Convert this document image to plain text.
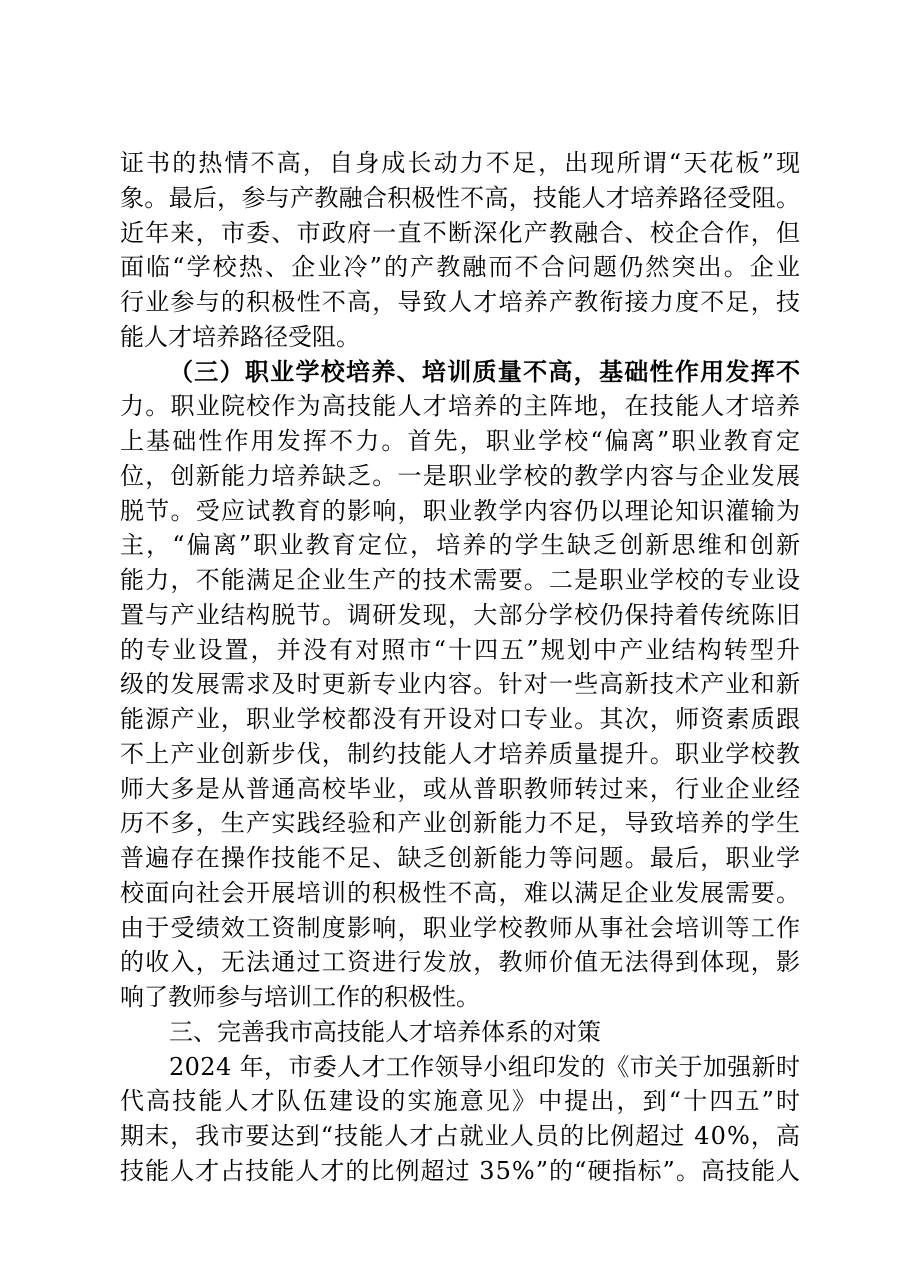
证书的热情不高，自身成长动力不足，出现所谓“天花板”现
象。最后，参与产教融合积极性不高，技能人才培养路径受阻。
近年来，市委、市政府一直不断深化产教融合、校企合作，但
面临“学校热、企业冷”的产教融而不合问题仍然突出。企业
行业参与的积极性不高，导致人才培养产教衔接力度不足，技
能人才培养路径受阻。
（三）职业学校培养、培训质量不高，基础性作用发挥不
力。职业院校作为高技能人才培养的主阵地，在技能人才培养
上基础性作用发挥不力。首先，职业学校“偏离”职业教育定
位，创新能力培养缺乏。一是职业学校的教学内容与企业发展
脱节。受应试教育的影响，职业教学内容仍以理论知识灌输为
主，“偏离”职业教育定位，培养的学生缺乏创新思维和创新
能力，不能满足企业生产的技术需要。二是职业学校的专业设
置与产业结构脱节。调研发现，大部分学校仍保持着传统陈旧
的专业设置，并没有对照市“十四五”规划中产业结构转型升
级的发展需求及时更新专业内容。针对一些高新技术产业和新
能源产业，职业学校都没有开设对口专业。其次，师资素质跟
不上产业创新步伐，制约技能人才培养质量提升。职业学校教
师大多是从普通高校毕业，或从普职教师转过来，行业企业经
历不多，生产实践经验和产业创新能力不足，导致培养的学生
普遍存在操作技能不足、缺乏创新能力等问题。最后，职业学
校面向社会开展培训的积极性不高，难以满足企业发展需要。
由于受绩效工资制度影响，职业学校教师从事社会培训等工作
的收入，无法通过工资进行发放，教师价值无法得到体现，影
响了教师参与培训工作的积极性。
三、完善我市高技能人才培养体系的对策
2024 年，市委人才工作领导小组印发的《市关于加强新时
代高技能人才队伍建设的实施意见》中提出，到“十四五”时
期末，我市要达到“技能人才占就业人员的比例超过 40%，高
技能人才占技能人才的比例超过 35%”的“硬指标”。高技能人
